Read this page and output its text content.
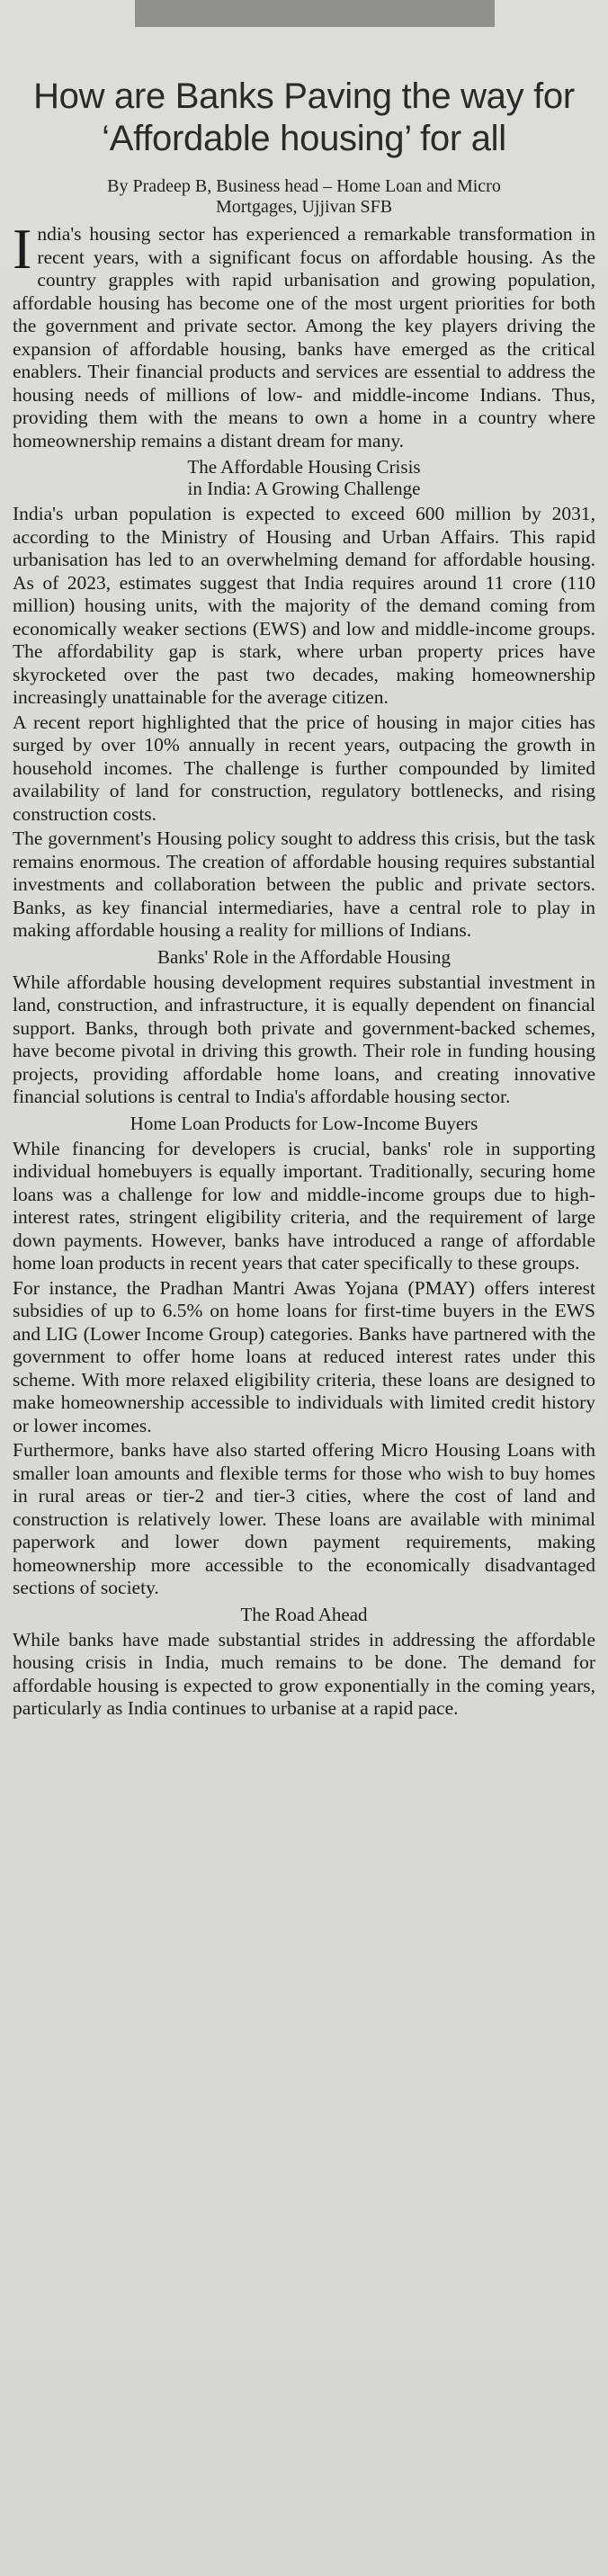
How are Banks Paving the way for ‘Affordable housing’ for all
By Pradeep B, Business head – Home Loan and Micro Mortgages, Ujjivan SFB

India's housing sector has experienced a remarkable transformation in recent years, with a significant focus on affordable housing. As the country grapples with rapid urbanisation and growing population, affordable housing has become one of the most urgent priorities for both the government and private sector. Among the key players driving the expansion of affordable housing, banks have emerged as the critical enablers. Their financial products and services are essential to address the housing needs of millions of low- and middle-income Indians. Thus, providing them with the means to own a home in a country where homeownership remains a distant dream for many.

The Affordable Housing Crisis
in India: A Growing Challenge

India's urban population is expected to exceed 600 million by 2031, according to the Ministry of Housing and Urban Affairs. This rapid urbanisation has led to an overwhelming demand for affordable housing. As of 2023, estimates suggest that India requires around 11 crore (110 million) housing units, with the majority of the demand coming from economically weaker sections (EWS) and low and middle-income groups. The affordability gap is stark, where urban property prices have skyrocketed over the past two decades, making homeownership increasingly unattainable for the average citizen.

A recent report highlighted that the price of housing in major cities has surged by over 10% annually in recent years, outpacing the growth in household incomes. The challenge is further compounded by limited availability of land for construction, regulatory bottlenecks, and rising construction costs.

The government's Housing policy sought to address this crisis, but the task remains enormous. The creation of affordable housing requires substantial investments and collaboration between the public and private sectors. Banks, as key financial intermediaries, have a central role to play in making affordable housing a reality for millions of Indians.

Banks' Role in the Affordable Housing

While affordable housing development requires substantial investment in land, construction, and infrastructure, it is equally dependent on financial support. Banks, through both private and government-backed schemes, have become pivotal in driving this growth. Their role in funding housing projects, providing affordable home loans, and creating innovative financial solutions is central to India's affordable housing sector.

Home Loan Products for Low-Income Buyers

While financing for developers is crucial, banks' role in supporting individual homebuyers is equally important. Traditionally, securing home loans was a challenge for low and middle-income groups due to high-interest rates, stringent eligibility criteria, and the requirement of large down payments. However, banks have introduced a range of affordable home loan products in recent years that cater specifically to these groups.

For instance, the Pradhan Mantri Awas Yojana (PMAY) offers interest subsidies of up to 6.5% on home loans for first-time buyers in the EWS and LIG (Lower Income Group) categories. Banks have partnered with the government to offer home loans at reduced interest rates under this scheme. With more relaxed eligibility criteria, these loans are designed to make homeownership accessible to individuals with limited credit history or lower incomes.

Furthermore, banks have also started offering Micro Housing Loans with smaller loan amounts and flexible terms for those who wish to buy homes in rural areas or tier-2 and tier-3 cities, where the cost of land and construction is relatively lower. These loans are available with minimal paperwork and lower down payment requirements, making homeownership more accessible to the economically disadvantaged sections of society.

The Road Ahead

While banks have made substantial strides in addressing the affordable housing crisis in India, much remains to be done. The demand for affordable housing is expected to grow exponentially in the coming years, particularly as India continues to urbanise at a rapid pace.
